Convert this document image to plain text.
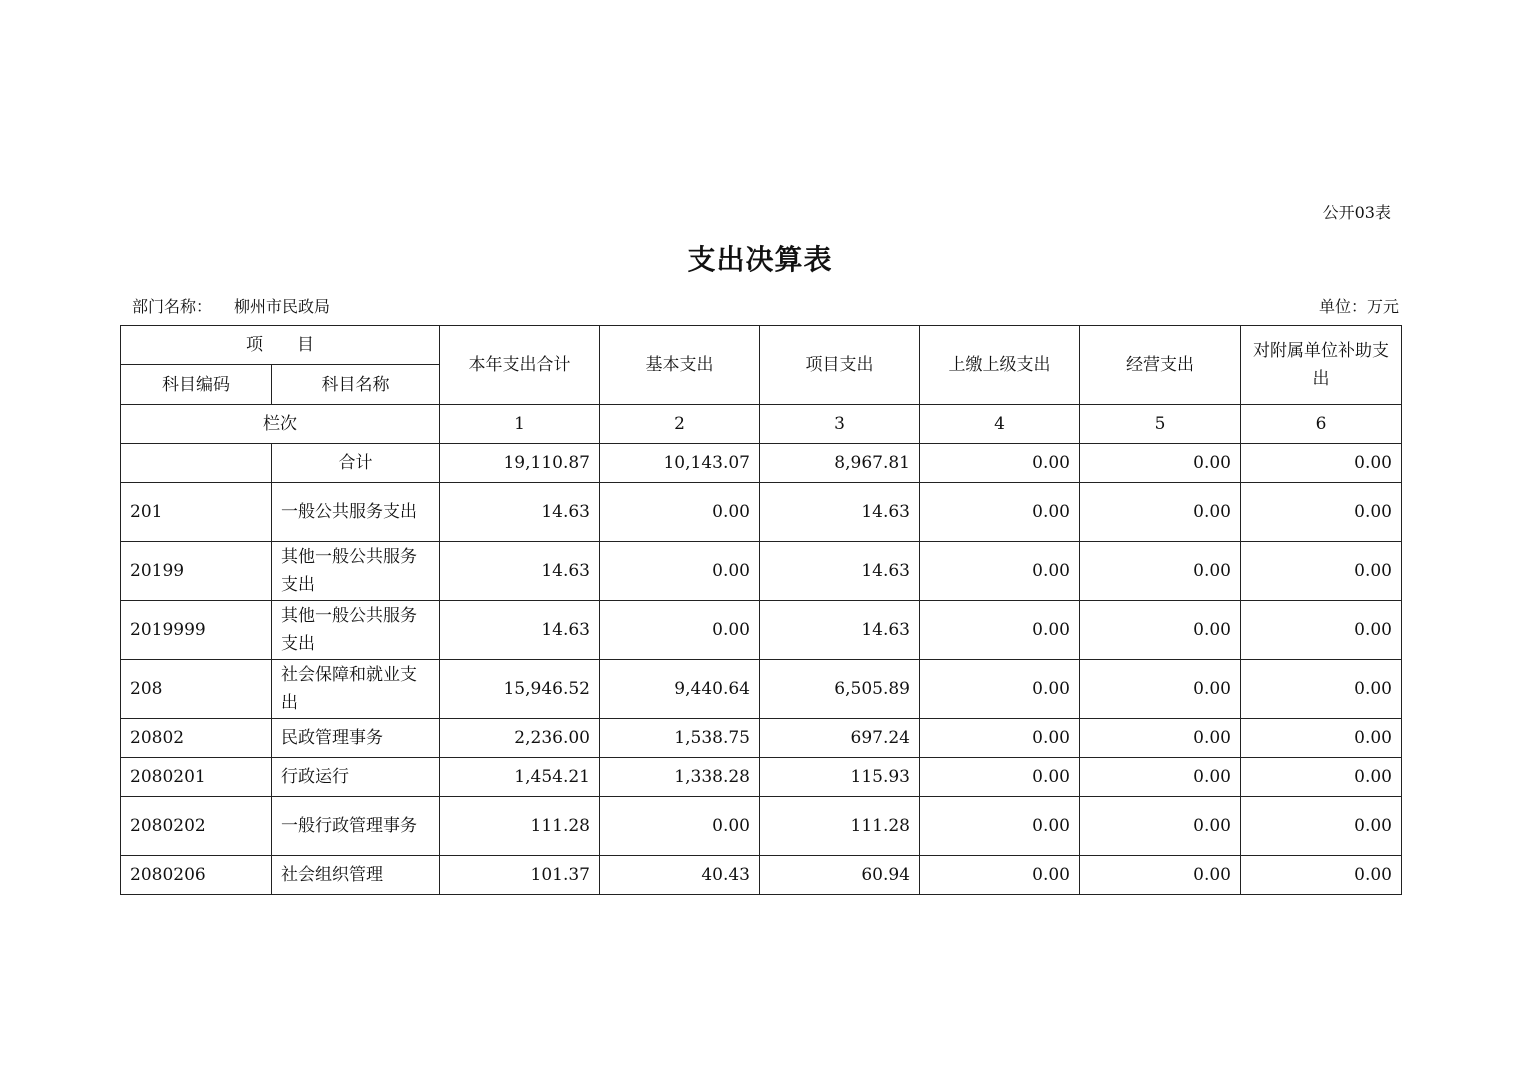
公开03表
支出决算表
部门名称： 柳州市民政局	单位：万元
项　　目		本年支出合计	基本支出	项目支出	上缴上级支出	经营支出	对附属单位补助支出
科目编码	科目名称						
栏次		1	2	3	4	5	6
	合计	19,110.87	10,143.07	8,967.81	0.00	0.00	0.00
201	一般公共服务支出	14.63	0.00	14.63	0.00	0.00	0.00
20199	其他一般公共服务支出	14.63	0.00	14.63	0.00	0.00	0.00
2019999	其他一般公共服务支出	14.63	0.00	14.63	0.00	0.00	0.00
208	社会保障和就业支出	15,946.52	9,440.64	6,505.89	0.00	0.00	0.00
20802	民政管理事务	2,236.00	1,538.75	697.24	0.00	0.00	0.00
2080201	行政运行	1,454.21	1,338.28	115.93	0.00	0.00	0.00
2080202	一般行政管理事务	111.28	0.00	111.28	0.00	0.00	0.00
2080206	社会组织管理	101.37	40.43	60.94	0.00	0.00	0.00
